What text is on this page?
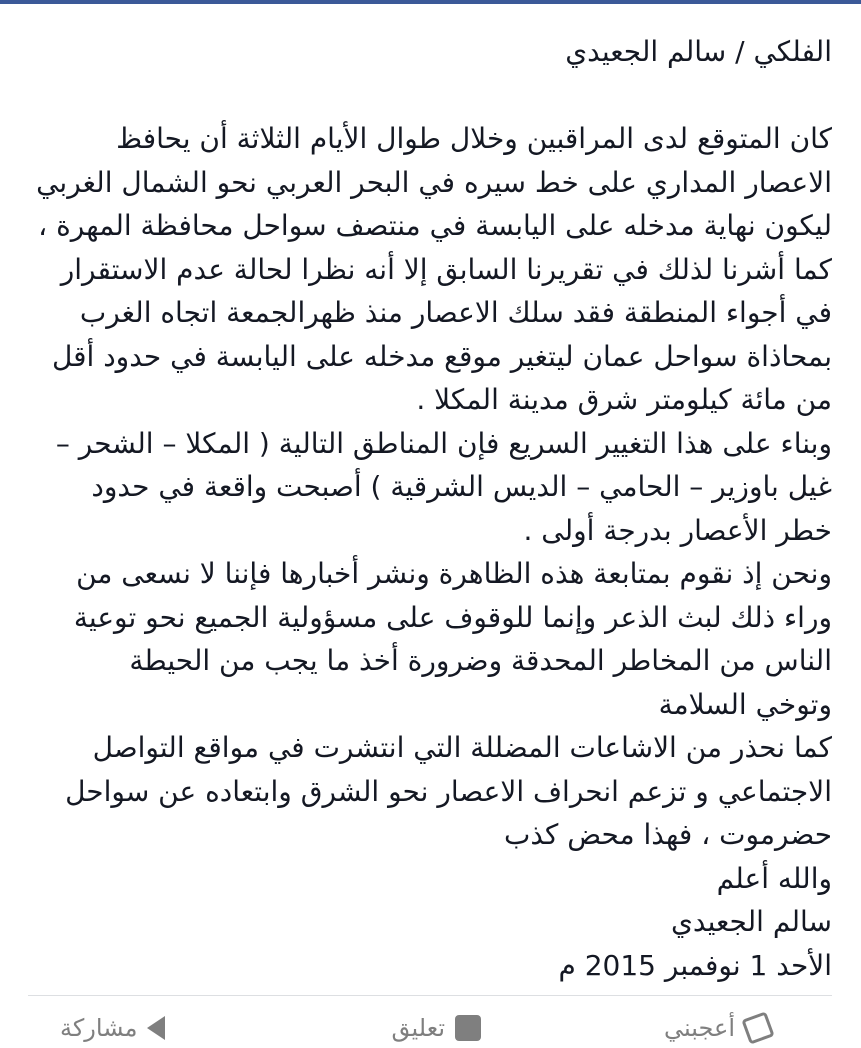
الفلكي / سالم الجعيدي
كان المتوقع لدى المراقبين وخلال طوال الأيام الثلاثة أن يحافظ
الاعصار المداري على خط سيره في البحر العربي نحو الشمال الغربي
ليكون نهاية مدخله على اليابسة في منتصف سواحل محافظة المهرة ،
كما أشرنا لذلك في تقريرنا السابق إلا أنه نظرا لحالة عدم الاستقرار
في أجواء المنطقة فقد سلك الاعصار منذ ظهرالجمعة اتجاه الغرب
بمحاذاة سواحل عمان ليتغير موقع مدخله على اليابسة في حدود أقل
من مائة كيلومتر شرق مدينة المكلا .
وبناء على هذا التغيير السريع فإن المناطق التالية ( المكلا – الشحر –
غيل باوزير – الحامي – الديس الشرقية ) أصبحت واقعة في حدود
خطر الأعصار بدرجة أولى .
ونحن إذ نقوم بمتابعة هذه الظاهرة ونشر أخبارها فإننا لا نسعى من
وراء ذلك لبث الذعر وإنما للوقوف على مسؤولية الجميع نحو توعية
الناس من المخاطر المحدقة وضرورة أخذ ما يجب من الحيطة
وتوخي السلامة
كما نحذر من الاشاعات المضللة التي انتشرت في مواقع التواصل
الاجتماعي و تزعم انحراف الاعصار نحو الشرق وابتعاده عن سواحل
حضرموت ، فهذا محض كذب
والله أعلم
سالم الجعيدي
الأحد 1 نوفمبر 2015 م
أعجبني
تعليق
مشاركة
